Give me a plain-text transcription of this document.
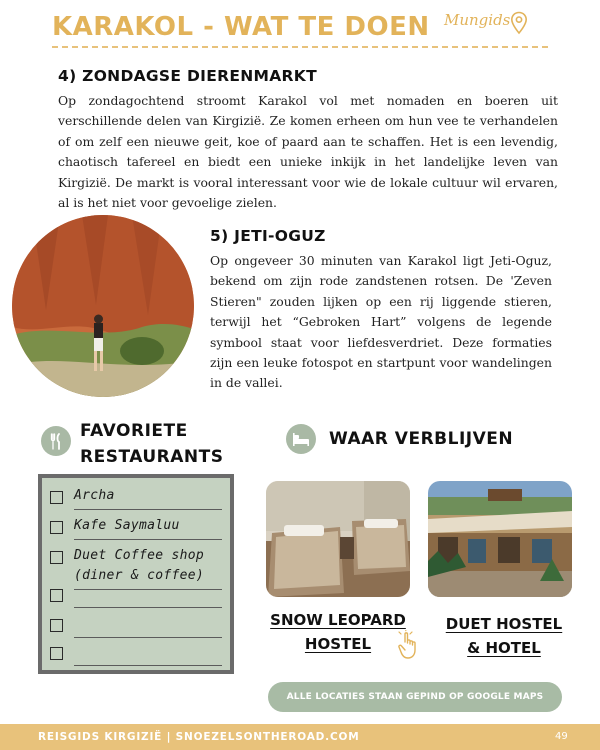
KARAKOL - WAT TE DOEN Mungids
4) ZONDAGSE DIERENMARKT
Op zondagochtend stroomt Karakol vol met nomaden en boeren uit verschillende delen van Kirgizië. Ze komen erheen om hun vee te verhandelen of om zelf een nieuwe geit, koe of paard aan te schaffen. Het is een levendig, chaotisch tafereel en biedt een unieke inkijk in het landelijke leven van Kirgizië. De markt is vooral interessant voor wie de lokale cultuur wil ervaren, al is het niet voor gevoelige zielen.
5) JETI-OGUZ
Op ongeveer 30 minuten van Karakol ligt Jeti-Oguz, bekend om zijn rode zandstenen rotsen. De 'Zeven Stieren" zouden lijken op een rij liggende stieren, terwijl het “Gebroken Hart” volgens de legende symbool staat voor liefdesverdriet. Deze formaties zijn een leuke fotospot en startpunt voor wandelingen in de vallei.
FAVORIETE
RESTAURANTS
Archa
Kafe Saymaluu
Duet Coffee shop
(diner & coffee)
WAAR VERBLIJVEN
SNOW LEOPARD
HOSTEL
DUET HOSTEL
& HOTEL
ALLE LOCATIES STAAN GEPIND OP GOOGLE MAPS
REISGIDS KIRGIZIË | SNOEZELSONTHEROAD.COM	49
